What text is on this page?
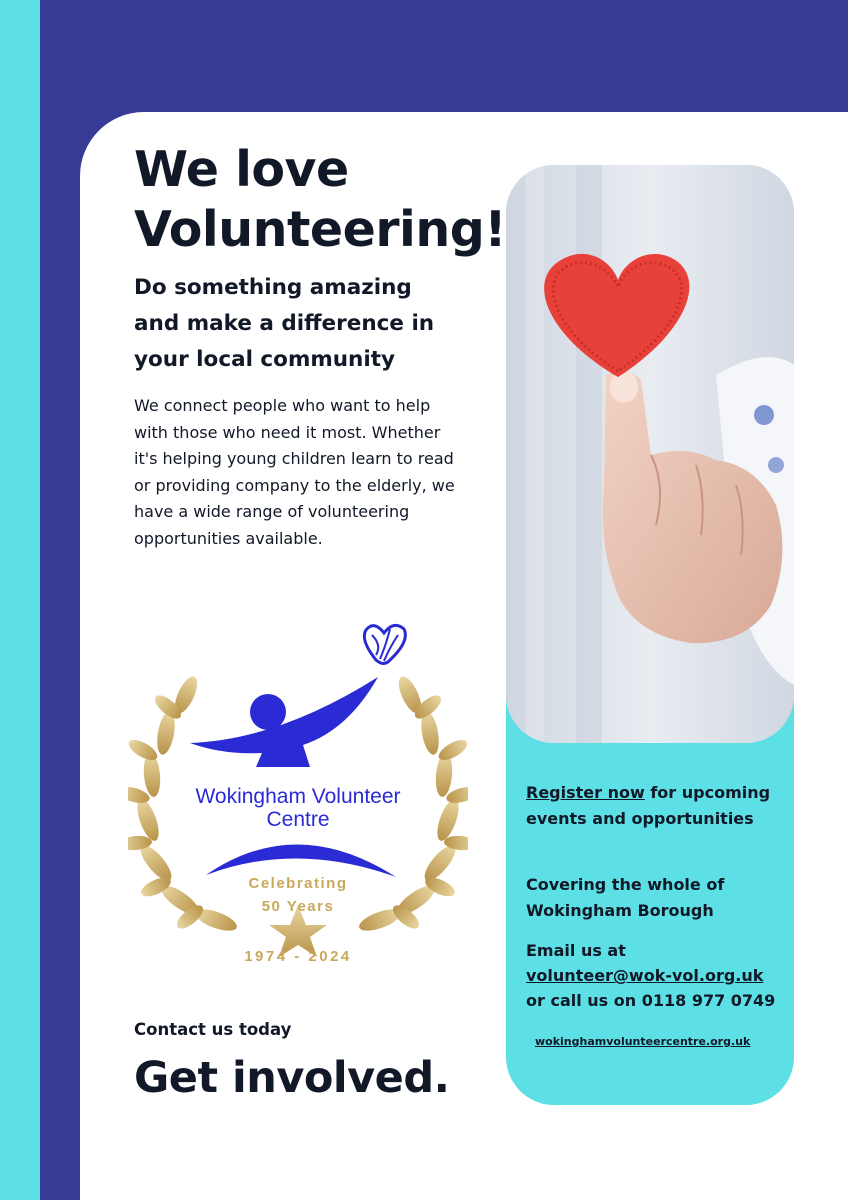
We love Volunteering!
Do something amazing and make a difference in your local community

We connect people who want to help with those who need it most. Whether it's helping young children learn to read or providing company to the elderly, we have a wide range of volunteering opportunities available.

Wokingham Volunteer
Centre
Celebrating
50 Years
1974 - 2024

Contact us today

Get involved.

Register now for upcoming events and opportunities

Covering the whole of Wokingham Borough

Email us at

volunteer@wok-vol.org.uk

or call us on 0118 977 0749

wokinghamvolunteercentre.org.uk
